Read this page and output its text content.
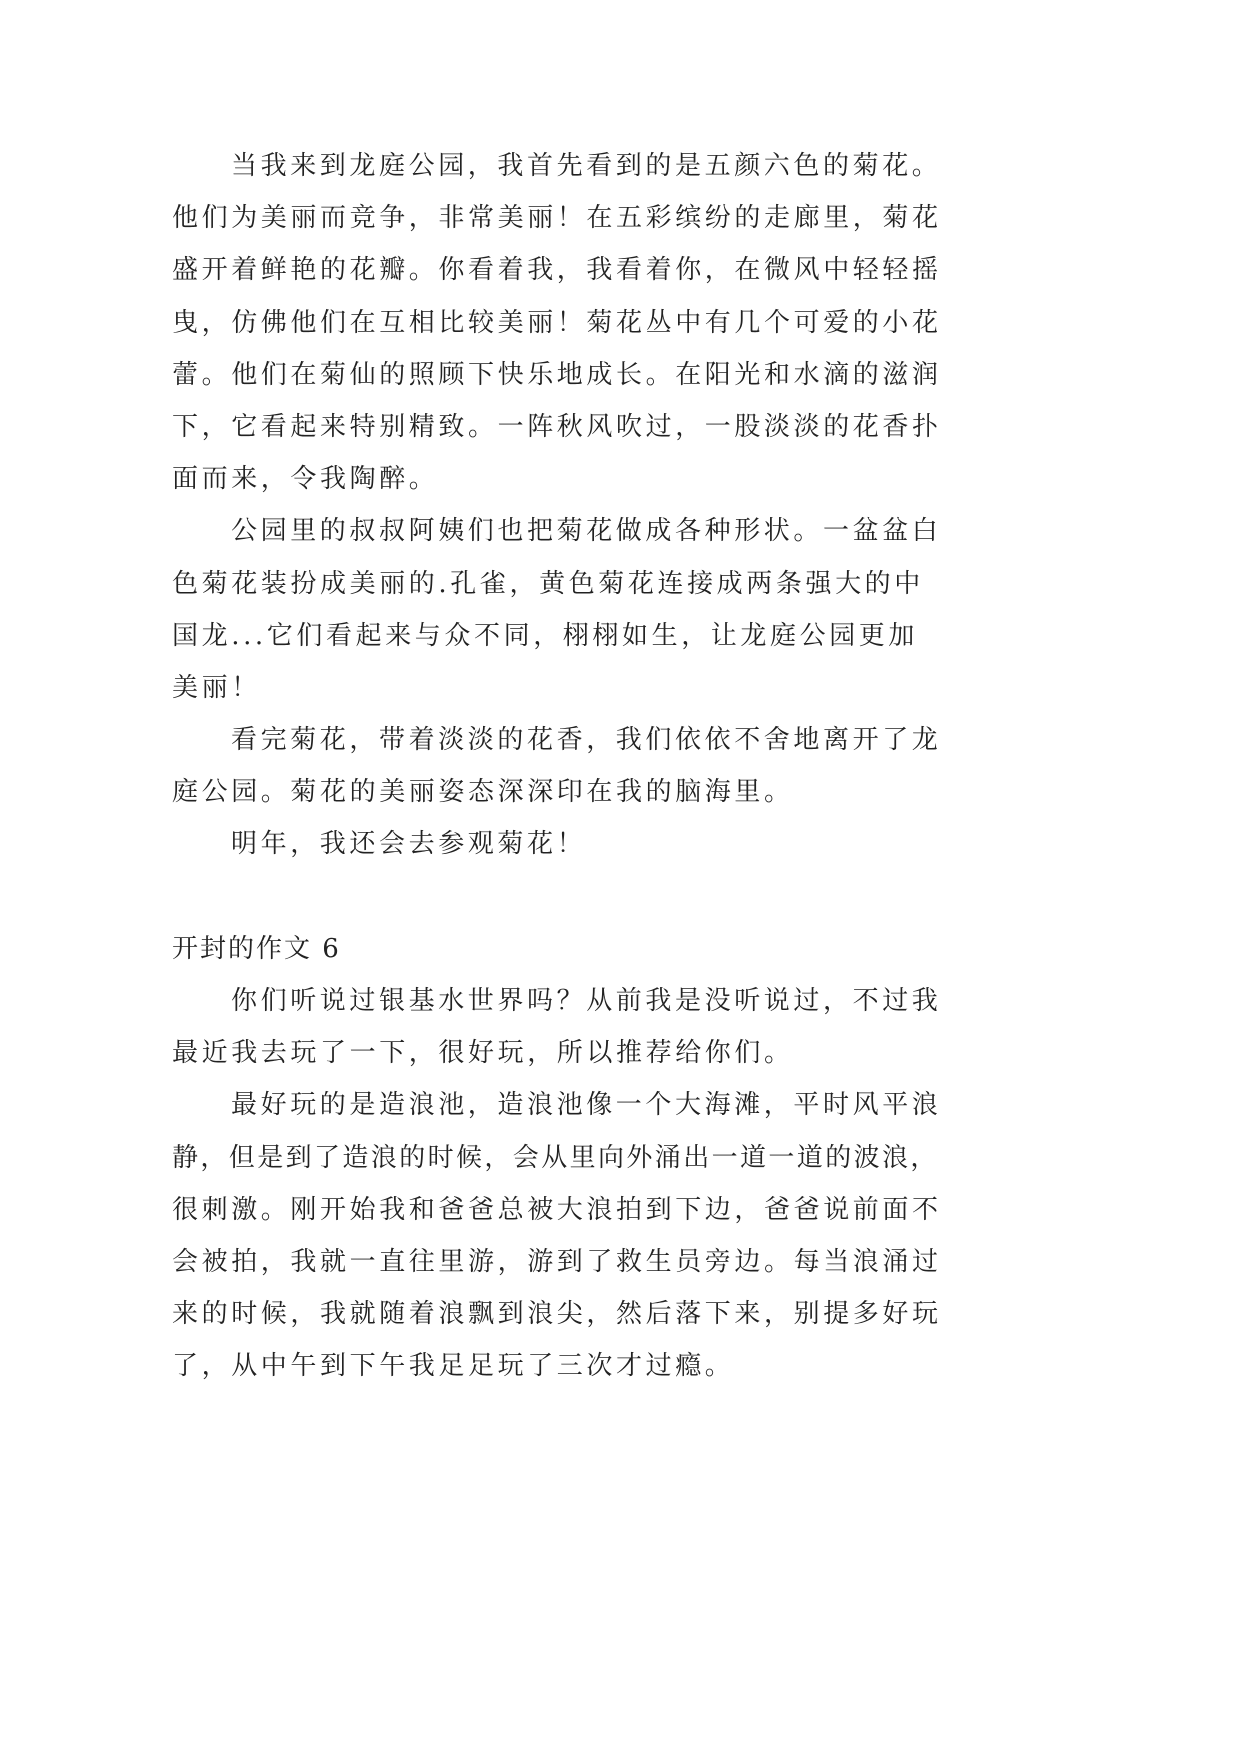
当我来到龙庭公园，我首先看到的是五颜六色的菊花。
他们为美丽而竞争，非常美丽！在五彩缤纷的走廊里，菊花
盛开着鲜艳的花瓣。你看着我，我看着你，在微风中轻轻摇
曳，仿佛他们在互相比较美丽！菊花丛中有几个可爱的小花
蕾。他们在菊仙的照顾下快乐地成长。在阳光和水滴的滋润
下，它看起来特别精致。一阵秋风吹过，一股淡淡的花香扑
面而来，令我陶醉。
公园里的叔叔阿姨们也把菊花做成各种形状。一盆盆白
色菊花装扮成美丽的.孔雀，黄色菊花连接成两条强大的中
国龙...它们看起来与众不同，栩栩如生，让龙庭公园更加
美丽！
看完菊花，带着淡淡的花香，我们依依不舍地离开了龙
庭公园。菊花的美丽姿态深深印在我的脑海里。
明年，我还会去参观菊花！
开封的作文 6
你们听说过银基水世界吗？从前我是没听说过，不过我
最近我去玩了一下，很好玩，所以推荐给你们。
最好玩的是造浪池，造浪池像一个大海滩，平时风平浪
静，但是到了造浪的时候，会从里向外涌出一道一道的波浪，
很刺激。刚开始我和爸爸总被大浪拍到下边，爸爸说前面不
会被拍，我就一直往里游，游到了救生员旁边。每当浪涌过
来的时候，我就随着浪飘到浪尖，然后落下来，别提多好玩
了，从中午到下午我足足玩了三次才过瘾。
